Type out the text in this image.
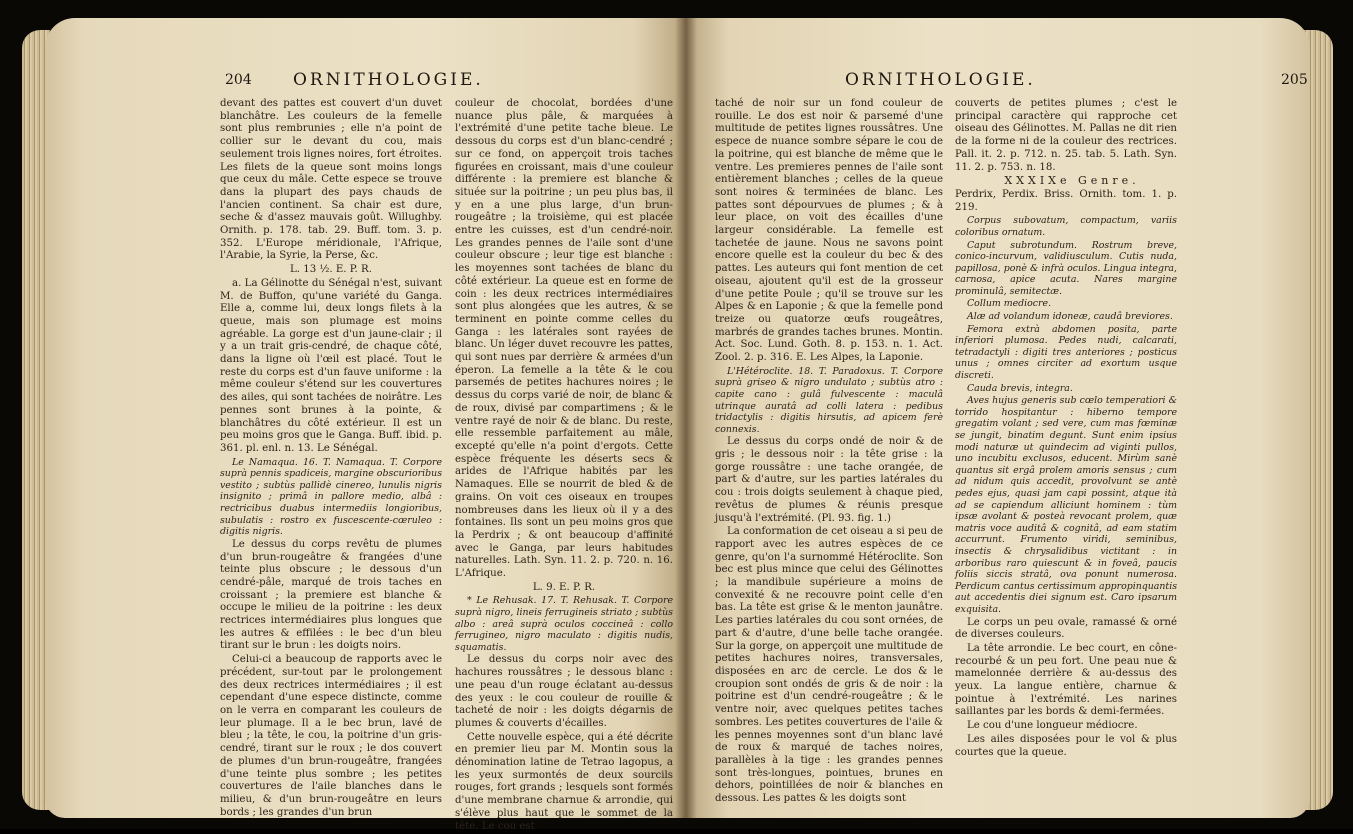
204 ORNITHOLOGIE.

devant des pattes est couvert d'un duvet blanchâtre. Les couleurs de la femelle sont plus rembrunies ; elle n'a point de collier sur le devant du cou, mais seulement trois lignes noires, fort étroites. Les filets de la queue sont moins longs que ceux du mâle. Cette espece se trouve dans la plupart des pays chauds de l'ancien continent. Sa chair est dure, seche & d'assez mauvais goût. Willughby. Ornith. p. 178. tab. 29. Buff. tom. 3. p. 352. L'Europe méridionale, l'Afrique, l'Arabie, la Syrie, la Perse, &c.

L. 13 ½. E. P. R.

a. La Gélinotte du Sénégal n'est, suivant M. de Buffon, qu'une variété du Ganga. Elle a, comme lui, deux longs filets à la queue, mais son plumage est moins agréable. La gorge est d'un jaune-clair ; il y a un trait gris-cendré, de chaque côté, dans la ligne où l'œil est placé. Tout le reste du corps est d'un fauve uniforme : la même couleur s'étend sur les couvertures des ailes, qui sont tachées de noirâtre. Les pennes sont brunes à la pointe, & blanchâtres du côté extérieur. Il est un peu moins gros que le Ganga. Buff. ibid. p. 361. pl. enl. n. 13. Le Sénégal.

Le Namaqua. 16. T. Namaqua. T. Corpore suprà pennis spadiceis, margine obscurioribus vestito ; subtùs pallidè cinereo, lunulis nigris insignito ; primâ in pallore medio, albâ : rectricibus duabus intermediis longioribus, subulatis : rostro ex fuscescente-cœruleo : digitis nigris.

Le dessus du corps revêtu de plumes d'un brun-rougeâtre & frangées d'une teinte plus obscure ; le dessous d'un cendré-pâle, marqué de trois taches en croissant ; la premiere est blanche & occupe le milieu de la poitrine : les deux rectrices intermédiaires plus longues que les autres & effilées : le bec d'un bleu tirant sur le brun : les doigts noirs.

Celui-ci a beaucoup de rapports avec le précédent, sur-tout par le prolongement des deux rectrices intermédiaires ; il est cependant d'une espece distincte, comme on le verra en comparant les couleurs de leur plumage. Il a le bec brun, lavé de bleu ; la tête, le cou, la poitrine d'un gris-cendré, tirant sur le roux ; le dos couvert de plumes d'un brun-rougeâtre, frangées d'une teinte plus sombre ; les petites couvertures de l'aile blanches dans le milieu, & d'un brun-rougeâtre en leurs bords ; les grandes d'un brun

couleur de chocolat, bordées d'une nuance plus pâle, & marquées à l'extrémité d'une petite tache bleue. Le dessous du corps est d'un blanc-cendré ; sur ce fond, on apperçoit trois taches figurées en croissant, mais d'une couleur différente : la premiere est blanche & située sur la poitrine ; un peu plus bas, il y en a une plus large, d'un brun-rougeâtre ; la troisième, qui est placée entre les cuisses, est d'un cendré-noir. Les grandes pennes de l'aile sont d'une couleur obscure ; leur tige est blanche : les moyennes sont tachées de blanc du côté extérieur. La queue est en forme de coin : les deux rectrices intermédiaires sont plus alongées que les autres, & se terminent en pointe comme celles du Ganga : les latérales sont rayées de blanc. Un léger duvet recouvre les pattes, qui sont nues par derrière & armées d'un éperon. La femelle a la tête & le cou parsemés de petites hachures noires ; le dessus du corps varié de noir, de blanc & de roux, divisé par compartimens ; & le ventre rayé de noir & de blanc. Du reste, elle ressemble parfaitement au mâle, excepté qu'elle n'a point d'ergots. Cette espèce fréquente les déserts secs & arides de l'Afrique habités par les Namaques. Elle se nourrit de bled & de grains. On voit ces oiseaux en troupes nombreuses dans les lieux où il y a des fontaines. Ils sont un peu moins gros que la Perdrix ; & ont beaucoup d'affinité avec le Ganga, par leurs habitudes naturelles. Lath. Syn. 11. 2. p. 720. n. 16. L'Afrique.

L. 9. E. P. R.

* Le Rehusak. 17. T. Rehusak. T. Corpore suprà nigro, lineis ferrugineis striato ; subtùs albo : areâ suprà oculos coccineâ : collo ferrugineo, nigro maculato : digitis nudis, squamatis.

Le dessus du corps noir avec des hachures roussâtres ; le dessous blanc : une peau d'un rouge éclatant au-dessus des yeux : le cou couleur de rouille & tacheté de noir : les doigts dégarnis de plumes & couverts d'écailles.

Cette nouvelle espèce, qui a été décrite en premier lieu par M. Montin sous la dénomination latine de Tetrao lagopus, a les yeux surmontés de deux sourcils rouges, fort grands ; lesquels sont formés d'une membrane charnue & arrondie, qui s'élève plus haut que le sommet de la tête. Le cou est

ORNITHOLOGIE.	205

taché de noir sur un fond couleur de rouille. Le dos est noir & parsemé d'une multitude de petites lignes roussâtres. Une espece de nuance sombre sépare le cou de la poitrine, qui est blanche de même que le ventre. Les premieres pennes de l'aile sont entièrement blanches ; celles de la queue sont noires & terminées de blanc. Les pattes sont dépourvues de plumes ; & à leur place, on voit des écailles d'une largeur considérable. La femelle est tachetée de jaune. Nous ne savons point encore quelle est la couleur du bec & des pattes. Les auteurs qui font mention de cet oiseau, ajoutent qu'il est de la grosseur d'une petite Poule ; qu'il se trouve sur les Alpes & en Laponie ; & que la femelle pond treize ou quatorze œufs rougeâtres, marbrés de grandes taches brunes. Montin. Act. Soc. Lund. Goth. 8. p. 153. n. 1. Act. Zool. 2. p. 316. E. Les Alpes, la Laponie.

L'Hétéroclite. 18. T. Paradoxus. T. Corpore suprà griseo & nigro undulato ; subtùs atro : capite cano : gulâ fulvescente : maculâ utrinque auratâ ad colli latera : pedibus tridactylis : digitis hirsutis, ad apicem ferè connexis.

Le dessus du corps ondé de noir & de gris ; le dessous noir : la tête grise : la gorge roussâtre : une tache orangée, de part & d'autre, sur les parties latérales du cou : trois doigts seulement à chaque pied, revêtus de plumes & réunis presque jusqu'à l'extrémité. (Pl. 93. fig. 1.)

La conformation de cet oiseau a si peu de rapport avec les autres espèces de ce genre, qu'on l'a surnommé Hétéroclite. Son bec est plus mince que celui des Gélinottes ; la mandibule supérieure a moins de convexité & ne recouvre point celle d'en bas. La tête est grise & le menton jaunâtre. Les parties latérales du cou sont ornées, de part & d'autre, d'une belle tache orangée. Sur la gorge, on apperçoit une multitude de petites hachures noires, transversales, disposées en arc de cercle. Le dos & le croupion sont ondés de gris & de noir : la poitrine est d'un cendré-rougeâtre ; & le ventre noir, avec quelques petites taches sombres. Les petites couvertures de l'aile & les pennes moyennes sont d'un blanc lavé de roux & marqué de taches noires, parallèles à la tige : les grandes pennes sont très-longues, pointues, brunes en dehors, pointillées de noir & blanches en dessous. Les pattes & les doigts sont

couverts de petites plumes ; c'est le principal caractère qui rapproche cet oiseau des Gélinottes. M. Pallas ne dit rien de la forme ni de la couleur des rectrices. Pall. it. 2. p. 712. n. 25. tab. 5. Lath. Syn. 11. 2. p. 753. n. 18.

XXXIXe Genre.

Perdrix, Perdix. Briss. Ornith. tom. 1. p. 219.

Corpus subovatum, compactum, variis coloribus ornatum.

Caput subrotundum. Rostrum breve, conico-incurvum, validiusculum. Cutis nuda, papillosa, ponè & infrà oculos. Lingua integra, carnosa, apice acuta. Nares margine prominulâ, semitectæ.

Collum mediocre.

Alæ ad volandum idoneæ, caudâ breviores.

Femora extrà abdomen posita, parte inferiori plumosa. Pedes nudi, calcarati, tetradactyli : digiti tres anteriores ; posticus unus ; omnes circiter ad exortum usque discreti.

Cauda brevis, integra.

Aves hujus generis sub cœlo temperatiori & torrido hospitantur : hiberno tempore gregatim volant ; sed vere, cum mas fœminæ se jungit, binatim degunt. Sunt enim ipsius modi naturæ ut quindecim ad viginti pullos, uno incubitu exclusos, educent. Mirùm sanè quantus sit ergâ prolem amoris sensus ; cum ad nidum quis accedit, provolvunt se antè pedes ejus, quasi jam capi possint, atque ità ad se capiendum alliciunt hominem : tùm ipsæ avolant & posteà revocant prolem, quæ matris voce auditâ & cognitâ, ad eam statim accurrunt. Frumento viridi, seminibus, insectis & chrysalidibus victitant : in arboribus raro quiescunt & in foveâ, paucis foliis siccis stratâ, ova ponunt numerosa. Perdicum cantus certissimum appropinquantis aut accedentis diei signum est. Caro ipsarum exquisita.

Le corps un peu ovale, ramassé & orné de diverses couleurs.

La tête arrondie. Le bec court, en cône-recourbé & un peu fort. Une peau nue & mamelonnée derrière & au-dessus des yeux. La langue entière, charnue & pointue à l'extrémité. Les narines saillantes par les bords & demi-fermées.

Le cou d'une longueur médiocre.

Les ailes disposées pour le vol & plus courtes que la queue.
